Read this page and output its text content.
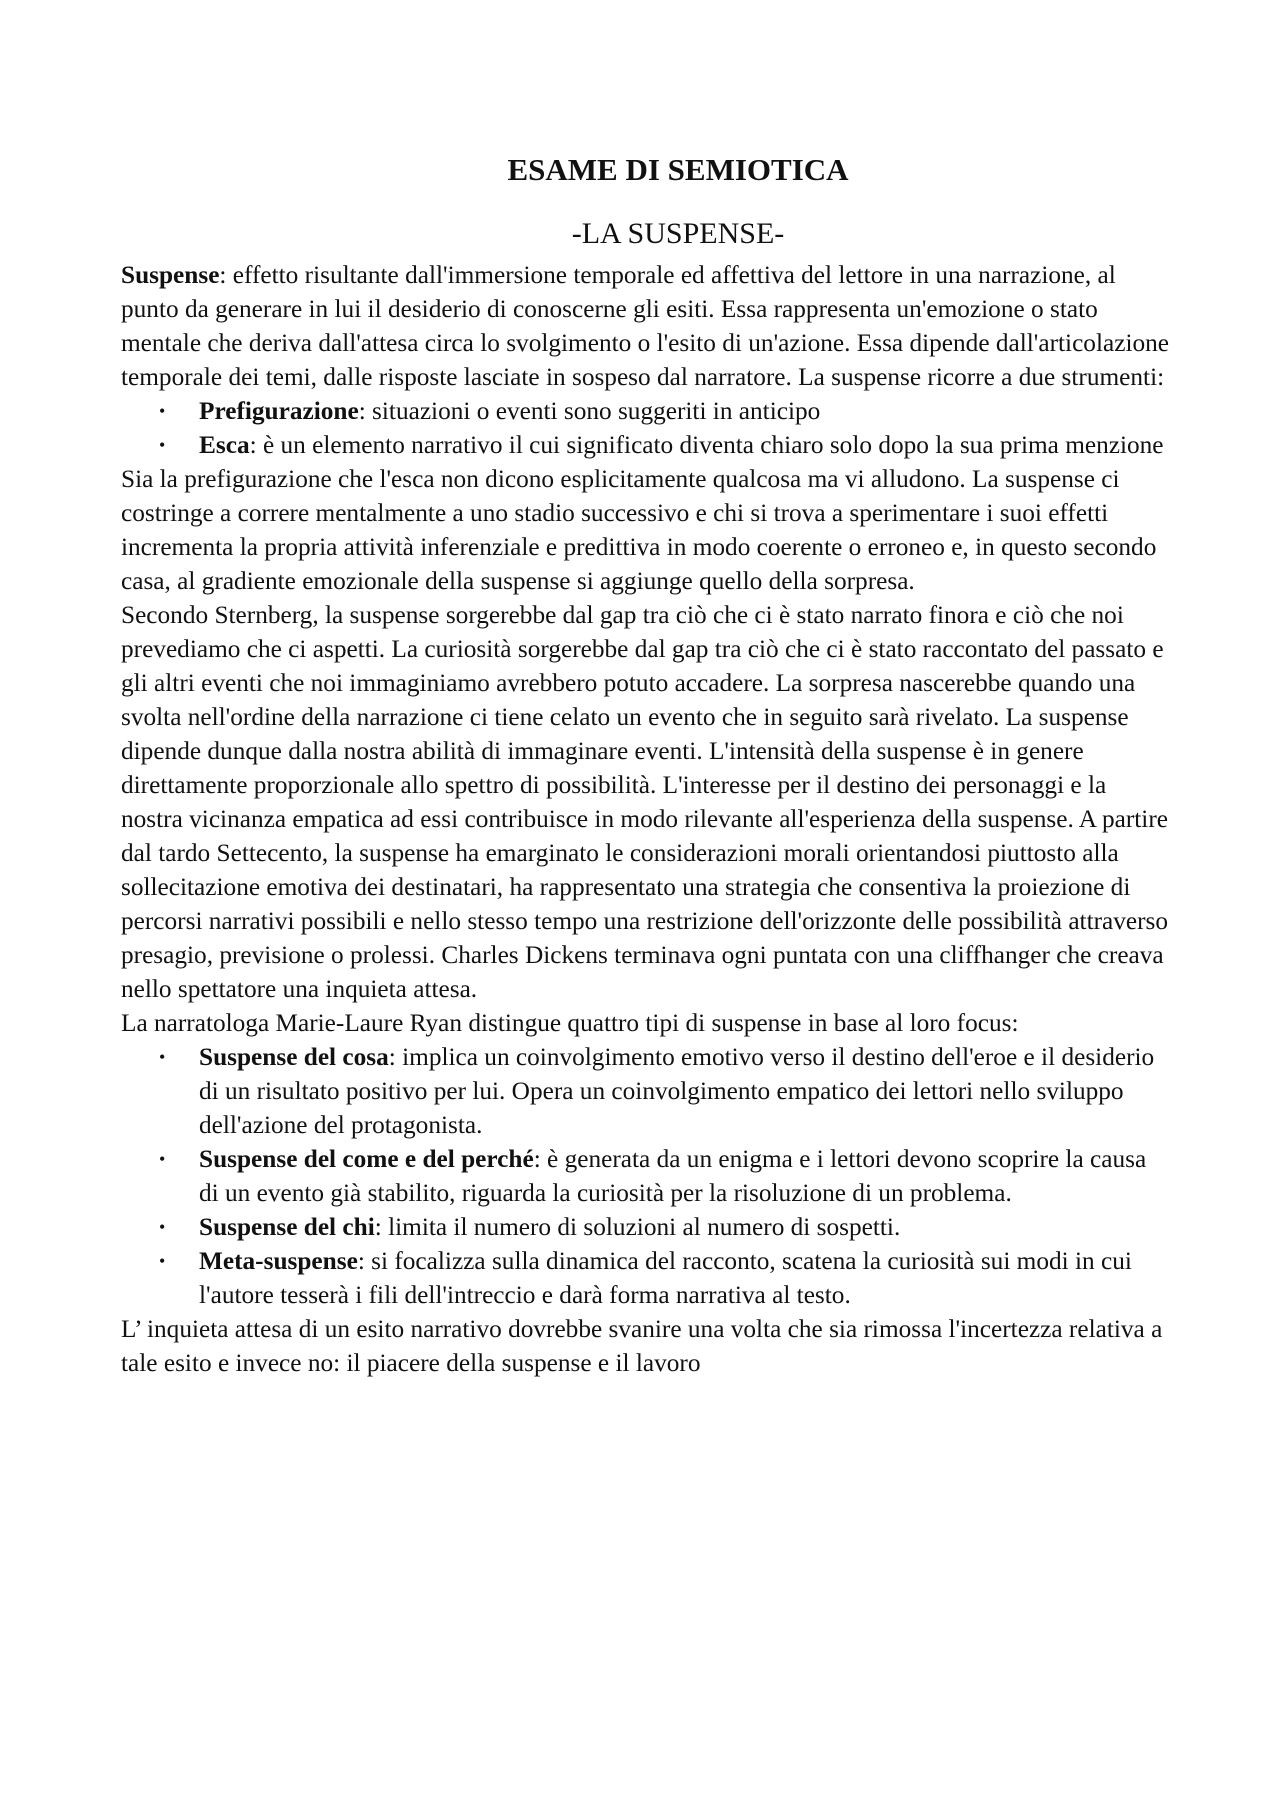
ESAME DI SEMIOTICA
-LA SUSPENSE-

Suspense: effetto risultante dall'immersione temporale ed affettiva del lettore in una narrazione, al punto da generare in lui il desiderio di conoscerne gli esiti. Essa rappresenta un'emozione o stato mentale che deriva dall'attesa circa lo svolgimento o l'esito di un'azione. Essa dipende dall'articolazione temporale dei temi, dalle risposte lasciate in sospeso dal narratore. La suspense ricorre a due strumenti:

• Prefigurazione: situazioni o eventi sono suggeriti in anticipo
• Esca: è un elemento narrativo il cui significato diventa chiaro solo dopo la sua prima menzione

Sia la prefigurazione che l'esca non dicono esplicitamente qualcosa ma vi alludono. La suspense ci costringe a correre mentalmente a uno stadio successivo e chi si trova a sperimentare i suoi effetti incrementa la propria attività inferenziale e predittiva in modo coerente o erroneo e, in questo secondo casa, al gradiente emozionale della suspense si aggiunge quello della sorpresa.

Secondo Sternberg, la suspense sorgerebbe dal gap tra ciò che ci è stato narrato finora e ciò che noi prevediamo che ci aspetti. La curiosità sorgerebbe dal gap tra ciò che ci è stato raccontato del passato e gli altri eventi che noi immaginiamo avrebbero potuto accadere. La sorpresa nascerebbe quando una svolta nell'ordine della narrazione ci tiene celato un evento che in seguito sarà rivelato. La suspense dipende dunque dalla nostra abilità di immaginare eventi. L'intensità della suspense è in genere direttamente proporzionale allo spettro di possibilità. L'interesse per il destino dei personaggi e la nostra vicinanza empatica ad essi contribuisce in modo rilevante all'esperienza della suspense. A partire dal tardo Settecento, la suspense ha emarginato le considerazioni morali orientandosi piuttosto alla sollecitazione emotiva dei destinatari, ha rappresentato una strategia che consentiva la proiezione di percorsi narrativi possibili e nello stesso tempo una restrizione dell'orizzonte delle possibilità attraverso presagio, previsione o prolessi. Charles Dickens terminava ogni puntata con una cliffhanger che creava nello spettatore una inquieta attesa.

La narratologa Marie-Laure Ryan distingue quattro tipi di suspense in base al loro focus:

• Suspense del cosa: implica un coinvolgimento emotivo verso il destino dell'eroe e il desiderio di un risultato positivo per lui. Opera un coinvolgimento empatico dei lettori nello sviluppo dell'azione del protagonista.
• Suspense del come e del perché: è generata da un enigma e i lettori devono scoprire la causa di un evento già stabilito, riguarda la curiosità per la risoluzione di un problema.
• Suspense del chi: limita il numero di soluzioni al numero di sospetti.
• Meta-suspense: si focalizza sulla dinamica del racconto, scatena la curiosità sui modi in cui l'autore tesserà i fili dell'intreccio e darà forma narrativa al testo.

L’ inquieta attesa di un esito narrativo dovrebbe svanire una volta che sia rimossa l'incertezza relativa a tale esito e invece no: il piacere della suspense e il lavoro
